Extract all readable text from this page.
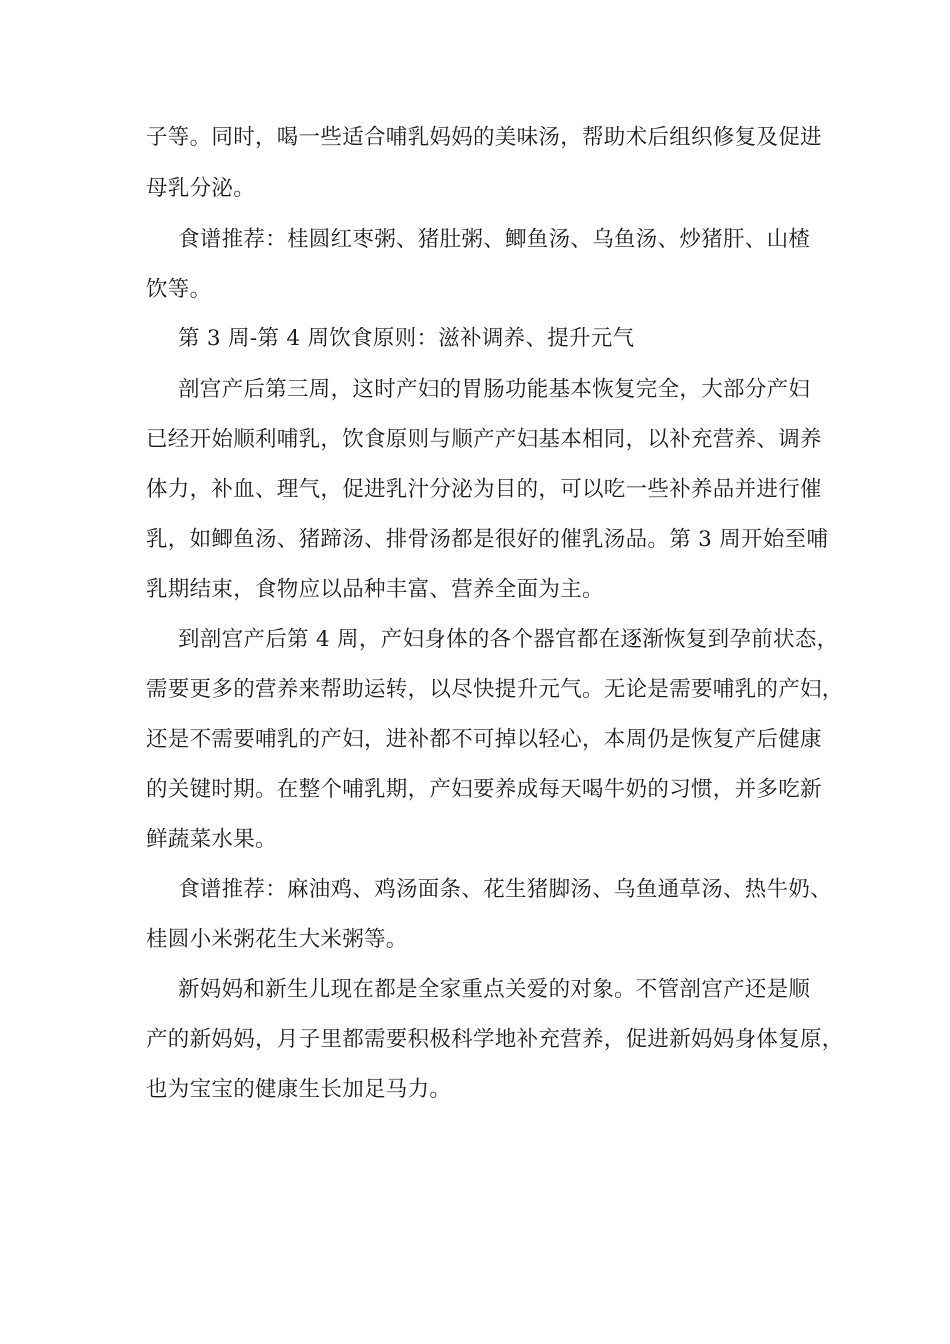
子等。同时，喝一些适合哺乳妈妈的美味汤，帮助术后组织修复及促进
母乳分泌。
食谱推荐：桂圆红枣粥、猪肚粥、鲫鱼汤、乌鱼汤、炒猪肝、山楂
饮等。
第 3 周-第 4 周饮食原则：滋补调养、提升元气
剖宫产后第三周，这时产妇的胃肠功能基本恢复完全，大部分产妇
已经开始顺利哺乳，饮食原则与顺产产妇基本相同，以补充营养、调养
体力，补血、理气，促进乳汁分泌为目的，可以吃一些补养品并进行催
乳，如鲫鱼汤、猪蹄汤、排骨汤都是很好的催乳汤品。第 3 周开始至哺
乳期结束，食物应以品种丰富、营养全面为主。
到剖宫产后第 4 周，产妇身体的各个器官都在逐渐恢复到孕前状态，
需要更多的营养来帮助运转，以尽快提升元气。无论是需要哺乳的产妇，
还是不需要哺乳的产妇，进补都不可掉以轻心，本周仍是恢复产后健康
的关键时期。在整个哺乳期，产妇要养成每天喝牛奶的习惯，并多吃新
鲜蔬菜水果。
食谱推荐：麻油鸡、鸡汤面条、花生猪脚汤、乌鱼通草汤、热牛奶、
桂圆小米粥花生大米粥等。
新妈妈和新生儿现在都是全家重点关爱的对象。不管剖宫产还是顺
产的新妈妈，月子里都需要积极科学地补充营养，促进新妈妈身体复原，
也为宝宝的健康生长加足马力。
